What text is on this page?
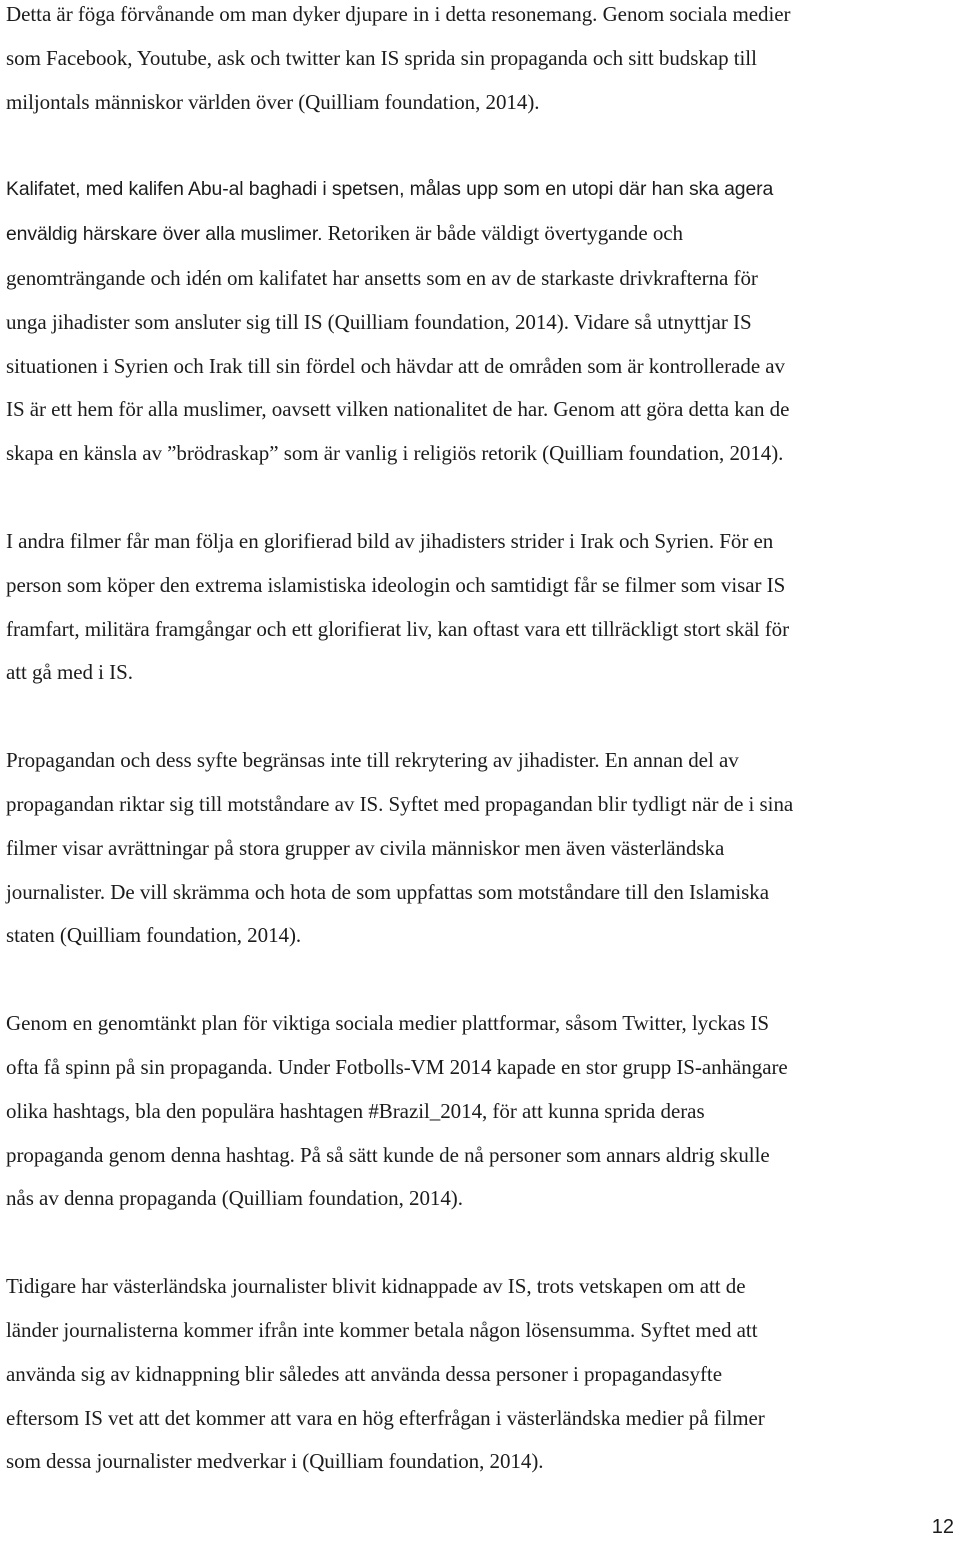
Detta är föga förvånande om man dyker djupare in i detta resonemang. Genom sociala medier
som Facebook, Youtube, ask och twitter kan IS sprida sin propaganda och sitt budskap till
miljontals människor världen över (Quilliam foundation, 2014).

Kalifatet, med kalifen Abu-al baghadi i spetsen, målas upp som en utopi där han ska agera
enväldig härskare över alla muslimer. Retoriken är både väldigt övertygande och
genomträngande och idén om kalifatet har ansetts som en av de starkaste drivkrafterna för
unga jihadister som ansluter sig till IS (Quilliam foundation, 2014). Vidare så utnyttjar IS
situationen i Syrien och Irak till sin fördel och hävdar att de områden som är kontrollerade av
IS är ett hem för alla muslimer, oavsett vilken nationalitet de har. Genom att göra detta kan de
skapa en känsla av ”brödraskap” som är vanlig i religiös retorik (Quilliam foundation, 2014).

I andra filmer får man följa en glorifierad bild av jihadisters strider i Irak och Syrien. För en
person som köper den extrema islamistiska ideologin och samtidigt får se filmer som visar IS
framfart, militära framgångar och ett glorifierat liv, kan oftast vara ett tillräckligt stort skäl för
att gå med i IS.

Propagandan och dess syfte begränsas inte till rekrytering av jihadister. En annan del av
propagandan riktar sig till motståndare av IS. Syftet med propagandan blir tydligt när de i sina
filmer visar avrättningar på stora grupper av civila människor men även västerländska
journalister. De vill skrämma och hota de som uppfattas som motståndare till den Islamiska
staten (Quilliam foundation, 2014).

Genom en genomtänkt plan för viktiga sociala medier plattformar, såsom Twitter, lyckas IS
ofta få spinn på sin propaganda. Under Fotbolls-VM 2014 kapade en stor grupp IS-anhängare
olika hashtags, bla den populära hashtagen #Brazil_2014, för att kunna sprida deras
propaganda genom denna hashtag. På så sätt kunde de nå personer som annars aldrig skulle
nås av denna propaganda (Quilliam foundation, 2014).

Tidigare har västerländska journalister blivit kidnappade av IS, trots vetskapen om att de
länder journalisterna kommer ifrån inte kommer betala någon lösensumma. Syftet med att
använda sig av kidnappning blir således att använda dessa personer i propagandasyfte
eftersom IS vet att det kommer att vara en hög efterfrågan i västerländska medier på filmer
som dessa journalister medverkar i (Quilliam foundation, 2014).

12
